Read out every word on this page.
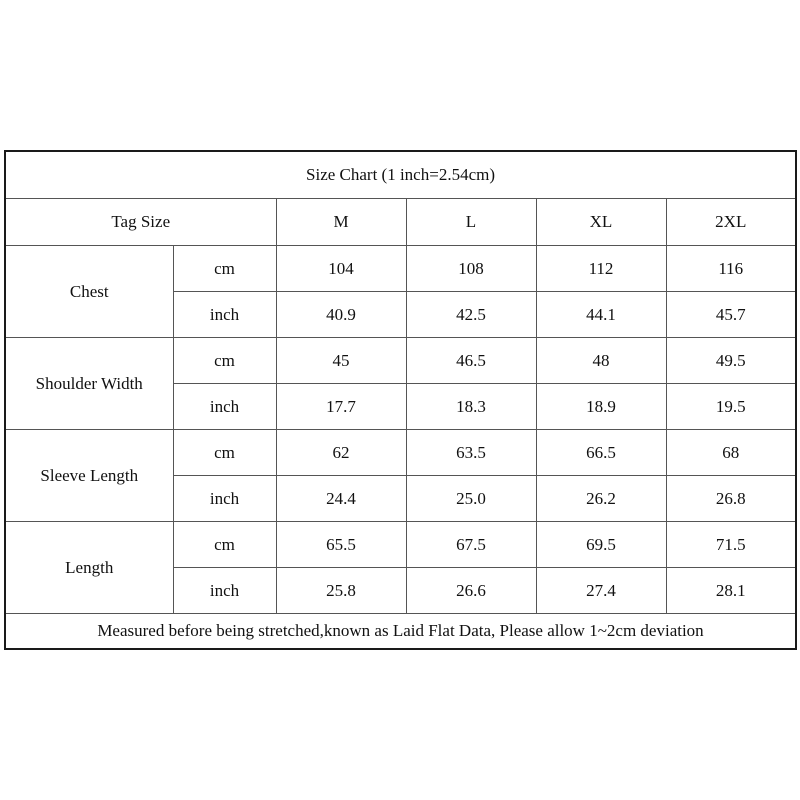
Size Chart (1 inch=2.54cm)					
Tag Size		M	L	XL	2XL
Chest	cm	104	108	112	116
	inch	40.9	42.5	44.1	45.7
Shoulder Width	cm	45	46.5	48	49.5
	inch	17.7	18.3	18.9	19.5
Sleeve Length	cm	62	63.5	66.5	68
	inch	24.4	25.0	26.2	26.8
Length	cm	65.5	67.5	69.5	71.5
	inch	25.8	26.6	27.4	28.1
Measured before being stretched,known as Laid Flat Data, Please allow 1~2cm deviation					
